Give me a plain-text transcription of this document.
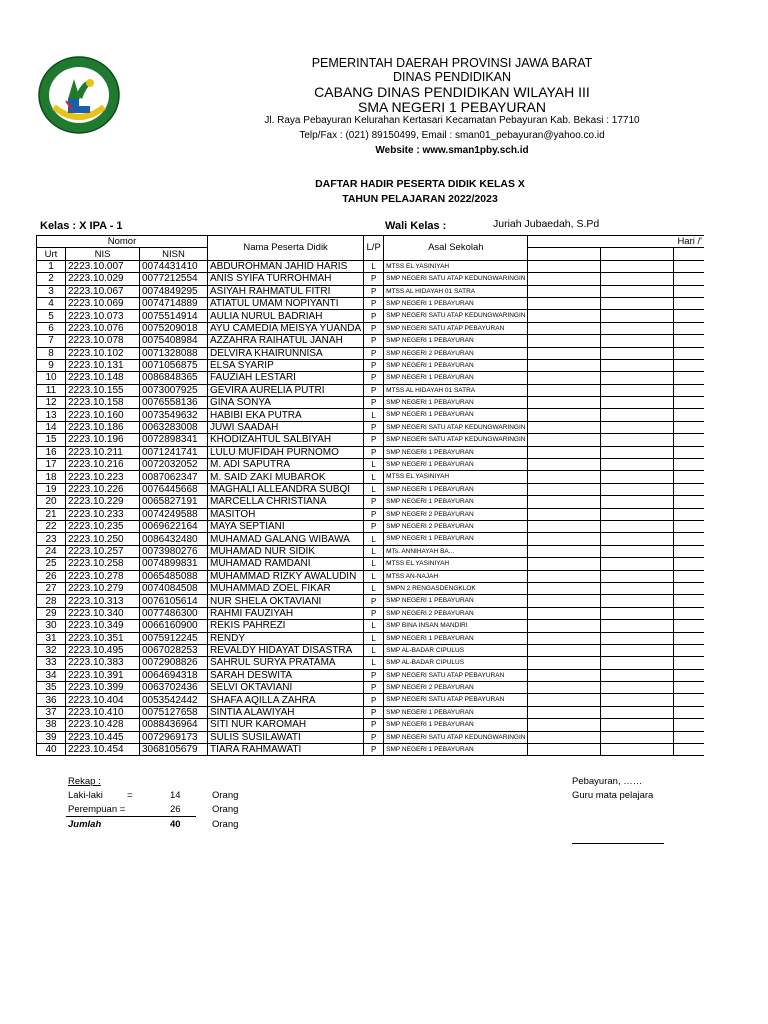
PEMERINTAH DAERAH PROVINSI JAWA BARAT
DINAS PENDIDIKAN
CABANG DINAS PENDIDIKAN WILAYAH III
SMA NEGERI 1 PEBAYURAN
Jl. Raya Pebayuran Kelurahan Kertasari Kecamatan Pebayuran Kab. Bekasi : 17710
Telp/Fax : (021) 89150499, Email : sman01_pebayuran@yahoo.co.id
Website : www.sman1pby.sch.id
DAFTAR HADIR PESERTA DIDIK KELAS X
TAHUN PELAJARAN 2022/2023
Kelas : X IPA - 1	Wali Kelas :	Juriah Jubaedah, S.Pd
Nomor			Nama Peserta Didik	L/P	Asal Sekolah	Hari /'		
Urt	NIS	NISN						
1	2223.10.007	0074431410	ABDUROHMAN JAHID HARIS	L	MTSS EL YASINIYAH			
2	2223.10.029	0077212554	ANIS SYIFA TURROHMAH	P	SMP NEGERI SATU ATAP KEDUNGWARINGIN			
3	2223.10.067	0074849295	ASIYAH RAHMATUL FITRI	P	MTSS AL HIDAYAH 01 SATRA			
4	2223.10.069	0074714889	ATIATUL UMAM NOPIYANTI	P	SMP NEGERI 1 PEBAYURAN			
5	2223.10.073	0075514914	AULIA NURUL BADRIAH	P	SMP NEGERI SATU ATAP KEDUNGWARINGIN			
6	2223.10.076	0075209018	AYU CAMEDIA MEISYA YUANDA	P	SMP NEGERI SATU ATAP PEBAYURAN			
7	2223.10.078	0075408984	AZZAHRA RAIHATUL JANAH	P	SMP NEGERI 1 PEBAYURAN			
8	2223.10.102	0071328088	DELVIRA KHAIRUNNISA	P	SMP NEGERI 2 PEBAYURAN			
9	2223.10.131	0071056875	ELSA SYARIP	P	SMP NEGERI 1 PEBAYURAN			
10	2223.10.148	0086848365	FAUZIAH LESTARI	P	SMP NEGERI 1 PEBAYURAN			
11	2223.10.155	0073007925	GEVIRA AURELIA PUTRI	P	MTSS AL HIDAYAH 01 SATRA			
12	2223.10.158	0076558136	GINA SONYA	P	SMP NEGERI 1 PEBAYURAN			
13	2223.10.160	0073549632	HABIBI EKA PUTRA	L	SMP NEGERI 1 PEBAYURAN			
14	2223.10.186	0063283008	JUWI SAADAH	P	SMP NEGERI SATU ATAP KEDUNGWARINGIN			
15	2223.10.196	0072898341	KHODIZAHTUL SALBIYAH	P	SMP NEGERI SATU ATAP KEDUNGWARINGIN			
16	2223.10.211	0071241741	LULU MUFIDAH PURNOMO	P	SMP NEGERI 1 PEBAYURAN			
17	2223.10.216	0072032052	M. ADI SAPUTRA	L	SMP NEGERI 1 PEBAYURAN			
18	2223.10.223	0087062347	M. SAID ZAKI MUBAROK	L	MTSS EL YASINIYAH			
19	2223.10.226	0076445668	MAGHALI ALLEANDRA SUBQI	L	SMP NEGERI 1 PEBAYURAN			
20	2223.10.229	0065827191	MARCELLA CHRISTIANA	P	SMP NEGERI 1 PEBAYURAN			
21	2223.10.233	0074249588	MASITOH	P	SMP NEGERI 2 PEBAYURAN			
22	2223.10.235	0069622164	MAYA SEPTIANI	P	SMP NEGERI 2 PEBAYURAN			
23	2223.10.250	0086432480	MUHAMAD GALANG WIBAWA	L	SMP NEGERI 1 PEBAYURAN			
24	2223.10.257	0073980276	MUHAMAD NUR SIDIK	L	MTs. ANNIHAYAH BA...			
25	2223.10.258	0074899831	MUHAMAD RAMDANI	L	MTSS EL YASINIYAH			
26	2223.10.278	0065485088	MUHAMMAD RIZKY AWALUDIN	L	MTSS AN-NAJAH			
27	2223.10.279	0074084508	MUHAMMAD ZOEL FIKAR	L	SMPN 2 RENGASDENGKLOK			
28	2223.10.313	0076105614	NUR SHELA OKTAVIANI	P	SMP NEGERI 1 PEBAYURAN			
29	2223.10.340	0077486300	RAHMI FAUZIYAH	P	SMP NEGERI 2 PEBAYURAN			
30	2223.10.349	0066160900	REKIS PAHREZI	L	SMP BINA INSAN MANDIRI			
31	2223.10.351	0075912245	RENDY	L	SMP NEGERI 1 PEBAYURAN			
32	2223.10.495	0067028253	REVALDY HIDAYAT DISASTRA	L	SMP AL-BADAR CIPULUS			
33	2223.10.383	0072908826	SAHRUL SURYA PRATAMA	L	SMP AL-BADAR CIPULUS			
34	2223.10.391	0064694318	SARAH DESWITA	P	SMP NEGERI SATU ATAP PEBAYURAN			
35	2223.10.399	0063702436	SELVI OKTAVIANI	P	SMP NEGERI 2 PEBAYURAN			
36	2223.10.404	0053542442	SHAFA AQILLA ZAHRA	P	SMP NEGERI SATU ATAP PEBAYURAN			
37	2223.10.410	0075127658	SINTIA ALAWIYAH	P	SMP NEGERI 1 PEBAYURAN			
38	2223.10.428	0088436964	SITI NUR KAROMAH	P	SMP NEGERI 1 PEBAYURAN			
39	2223.10.445	0072969173	SULIS SUSILAWATI	P	SMP NEGERI SATU ATAP KEDUNGWARINGIN			
40	2223.10.454	3068105679	TIARA RAHMAWATI	P	SMP NEGERI 1 PEBAYURAN			
Rekap :
Laki-laki	=	14	Orang
Perempuan =	26	Orang
Jumlah	40	Orang
Pebayuran, ……
Guru mata pelajara
